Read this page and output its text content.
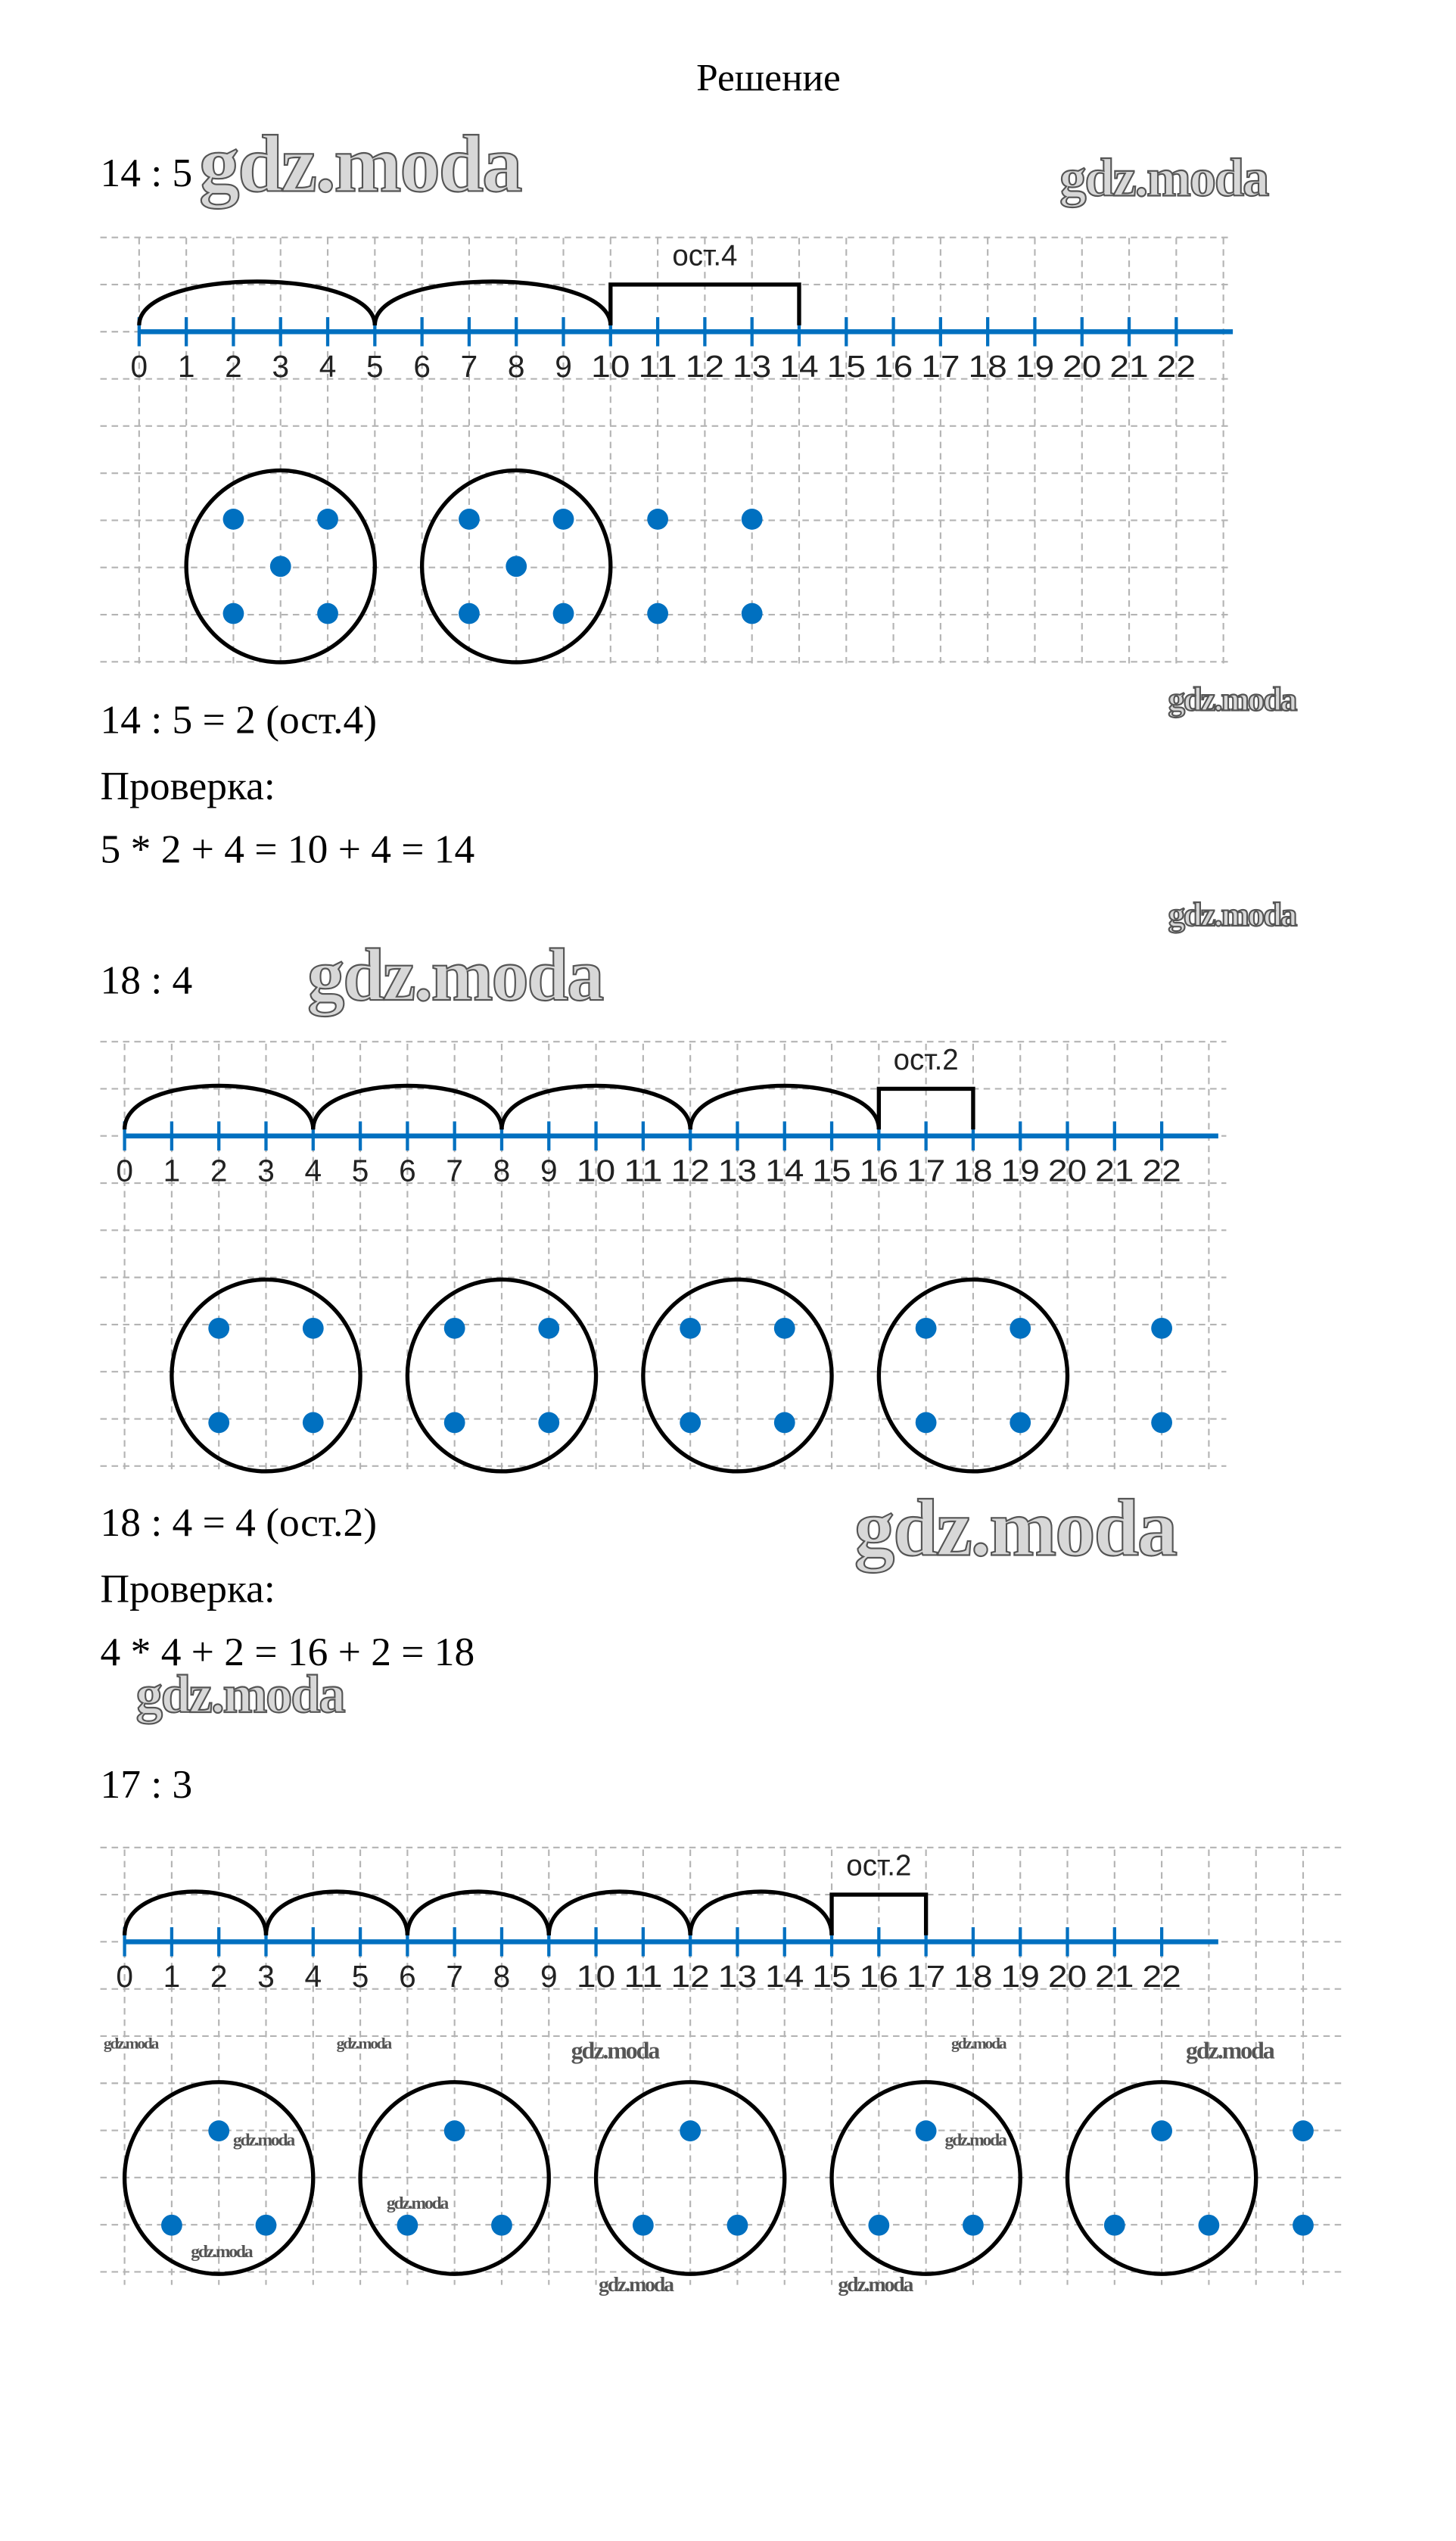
0 1 2 3 4 5 6 7 8 9 10 11 12 13 14 15 16 17 18 19 20 21 22
ост.4
0 1 2 3 4 5 6 7 8 9 10 11 12 13 14 15 16 17 18 19 20 21 22
ост.2
0 1 2 3 4 5 6 7 8 9 10 11 12 13 14 15 16 17 18 19 20 21 22
ост.2
Решение
14 : 5
14 : 5 = 2 (ост.4)
Проверка:
5 * 2 + 4 = 10 + 4 = 14
18 : 4
18 : 4 = 4 (ост.2)
Проверка:
4 * 4 + 2 = 16 + 2 = 18
17 : 3
gdz.moda	gdz.moda
gdz.moda
gdz.moda
gdz.moda
gdz.moda
gdz.moda
gdz.moda	gdz.moda	gdz.moda	gdz.moda	gdz.moda
gdz.moda	gdz.moda
gdz.moda
gdz.moda
gdz.moda	gdz.moda
